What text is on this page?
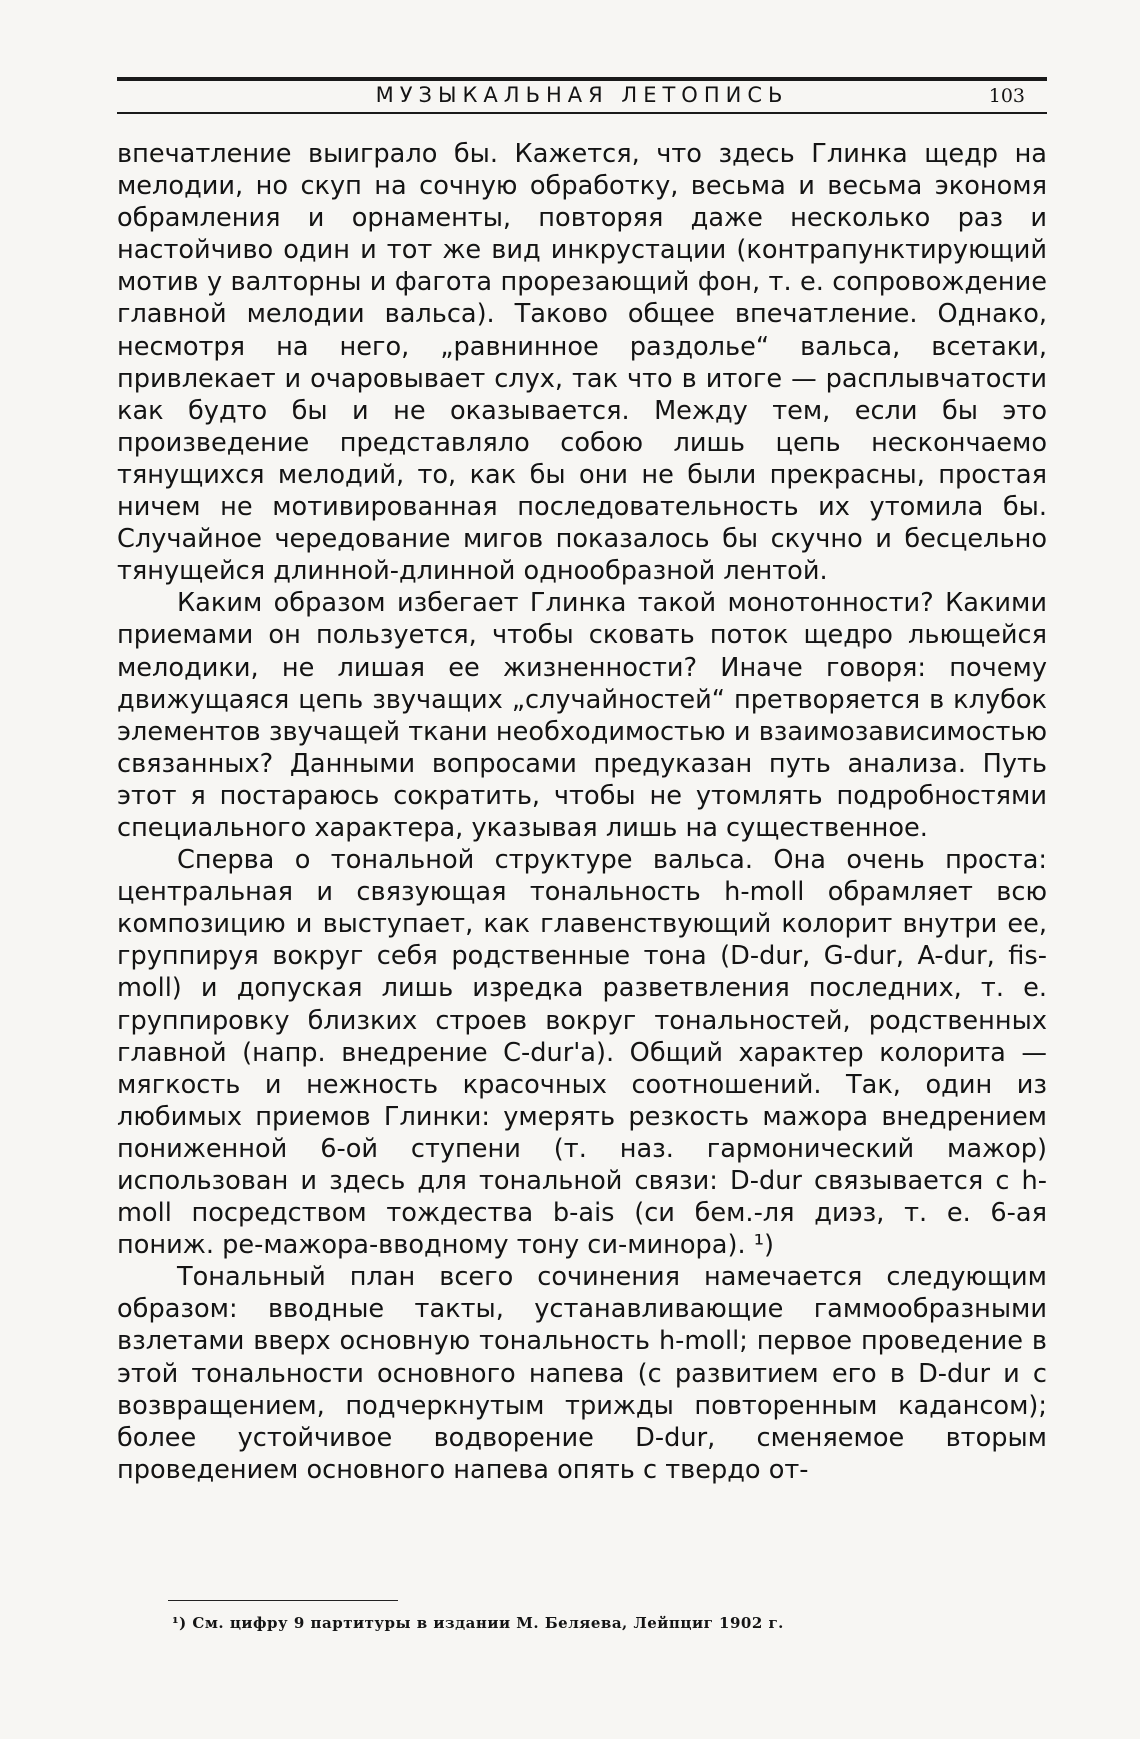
МУЗЫКАЛЬНАЯ ЛЕТОПИСЬ	103

впечатление выиграло бы. Кажется, что здесь Глинка щедр на мелодии, но скуп на сочную обработку, весьма и весьма экономя обрамления и орнаменты, повторяя даже несколько раз и настойчиво один и тот же вид инкрустации (контрапунктирующий мотив у валторны и фагота прорезающий фон, т. е. сопровождение главной мелодии вальса). Таково общее впечатление. Однако, несмотря на него, „равнинное раздолье“ вальса, всетаки, привлекает и очаровывает слух, так что в итоге — расплывчатости как будто бы и не оказывается. Между тем, если бы это произведение представляло собою лишь цепь нескончаемо тянущихся мелодий, то, как бы они не были прекрасны, простая ничем не мотивированная последовательность их утомила бы. Случайное чередование мигов показалось бы скучно и бесцельно тянущейся длинной-длинной однообразной лентой.

Каким образом избегает Глинка такой монотонности? Какими приемами он пользуется, чтобы сковать поток щедро льющейся мелодики, не лишая ее жизненности? Иначе говоря: почему движущаяся цепь звучащих „случайностей“ претворяется в клубок элементов звучащей ткани необходимостью и взаимозависимостью связанных? Данными вопросами предуказан путь анализа. Путь этот я постараюсь сократить, чтобы не утомлять подробностями специального характера, указывая лишь на существенное.

Сперва о тональной структуре вальса. Она очень проста: центральная и связующая тональность h-moll обрамляет всю композицию и выступает, как главенствующий колорит внутри ее, группируя вокруг себя родственные тона (D-dur, G-dur, A-dur, fis-moll) и допуская лишь изредка разветвления последних, т. е. группировку близких строев вокруг тональностей, родственных главной (напр. внедрение C-dur'а). Общий характер колорита — мягкость и нежность красочных соотношений. Так, один из любимых приемов Глинки: умерять резкость мажора внедрением пониженной 6-ой ступени (т. наз. гармонический мажор) использован и здесь для тональной связи: D-dur связывается с h-moll посредством тождества b-ais (си бем.-ля диэз, т. е. 6-ая пониж. ре-мажора-вводному тону си-минора). ¹)

Тональный план всего сочинения намечается следующим образом: вводные такты, устанавливающие гаммообразными взлетами вверх основную тональность h-moll; первое проведение в этой тональности основного напева (с развитием его в D-dur и с возвращением, подчеркнутым трижды повторенным кадансом); более устойчивое водворение D-dur, сменяемое вторым проведением основного напева опять с твердо от-

¹) См. цифру 9 партитуры в издании М. Беляева, Лейпциг 1902 г.
